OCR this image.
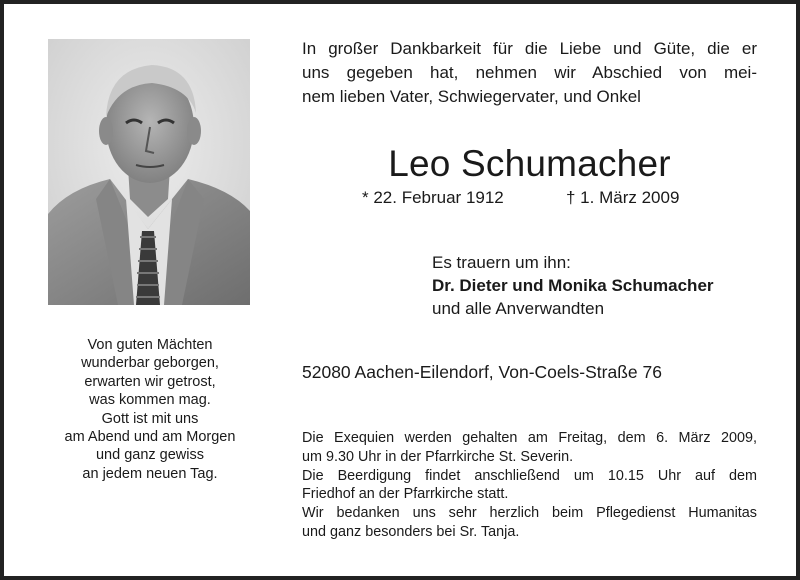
Von guten Mächten
wunderbar geborgen,
erwarten wir getrost,
was kommen mag.
Gott ist mit uns
am Abend und am Morgen
und ganz gewiss
an jedem neuen Tag.
In großer Dankbarkeit für die Liebe und Güte, die er
uns gegeben hat, nehmen wir Abschied von mei-
nem lieben Vater, Schwiegervater, und Onkel
Leo Schumacher
* 22. Februar 1912	† 1. März 2009
Es trauern um ihn:
Dr. Dieter und Monika Schumacher
und alle Anverwandten
52080 Aachen-Eilendorf, Von-Coels-Straße 76
Die Exequien werden gehalten am Freitag, dem 6. März 2009,
um 9.30 Uhr in der Pfarrkirche St. Severin.
Die Beerdigung findet anschließend um 10.15 Uhr auf dem
Friedhof an der Pfarrkirche statt.
Wir bedanken uns sehr herzlich beim Pflegedienst Humanitas
und ganz besonders bei Sr. Tanja.
